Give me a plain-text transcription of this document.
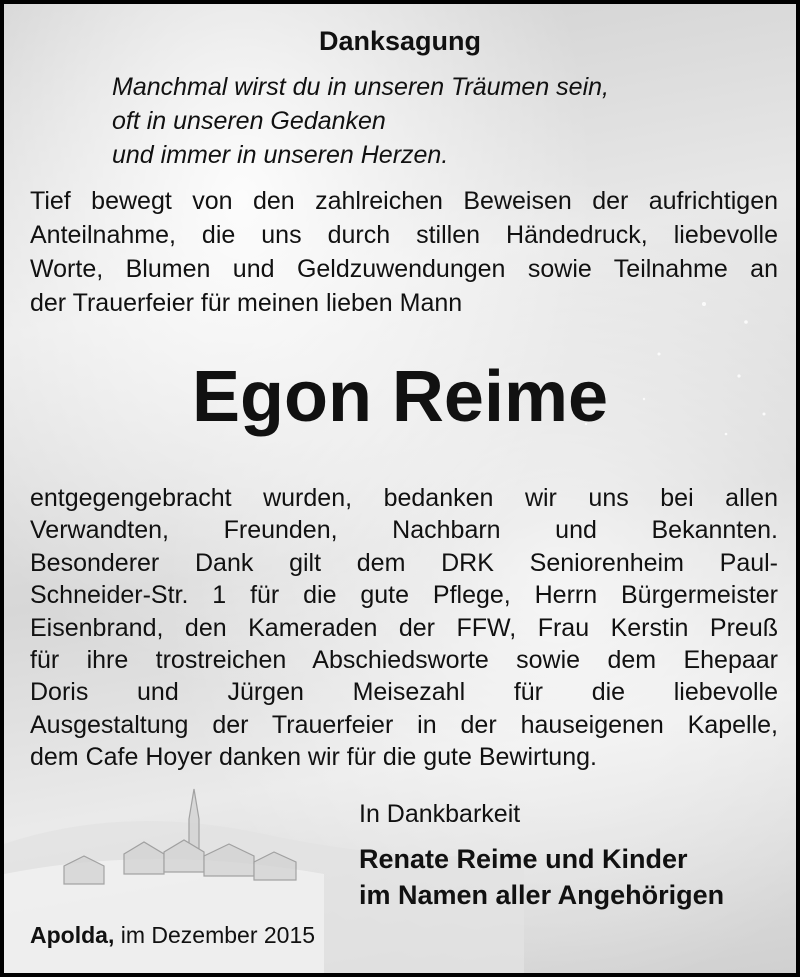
Danksagung
Manchmal wirst du in unseren Träumen sein,
oft in unseren Gedanken
und immer in unseren Herzen.
Tief bewegt von den zahlreichen Beweisen der aufrichtigen
Anteilnahme, die uns durch stillen Händedruck, liebevolle
Worte, Blumen und Geldzuwendungen sowie Teilnahme an
der Trauerfeier für meinen lieben Mann
Egon Reime
entgegengebracht wurden, bedanken wir uns bei allen
Verwandten, Freunden, Nachbarn und Bekannten.
Besonderer Dank gilt dem DRK Seniorenheim Paul-
Schneider-Str. 1 für die gute Pflege, Herrn Bürgermeister
Eisenbrand, den Kameraden der FFW, Frau Kerstin Preuß
für ihre trostreichen Abschiedsworte sowie dem Ehepaar
Doris und Jürgen Meisezahl für die liebevolle
Ausgestaltung der Trauerfeier in der hauseigenen Kapelle,
dem Cafe Hoyer danken wir für die gute Bewirtung.
In Dankbarkeit
Renate Reime und Kinder
im Namen aller Angehörigen
Apolda, im Dezember 2015
